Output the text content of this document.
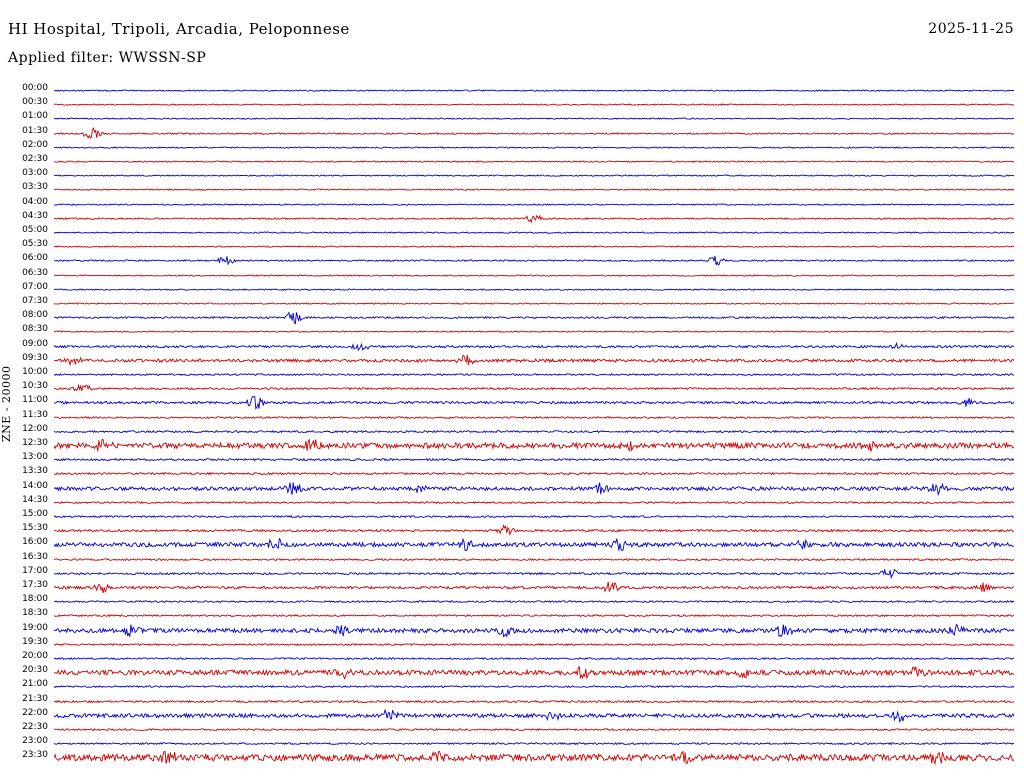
HI Hospital, Tripoli, Arcadia, Peloponnese	2025-11-25
Applied filter: WWSSN-SP
ZNE - 20000
00:00
00:30
01:00
01:30
02:00
02:30
03:00
03:30
04:00
04:30
05:00
05:30
06:00
06:30
07:00
07:30
08:00
08:30
09:00
09:30
10:00
10:30
11:00
11:30
12:00
12:30
13:00
13:30
14:00
14:30
15:00
15:30
16:00
16:30
17:00
17:30
18:00
18:30
19:00
19:30
20:00
20:30
21:00
21:30
22:00
22:30
23:00
23:30
